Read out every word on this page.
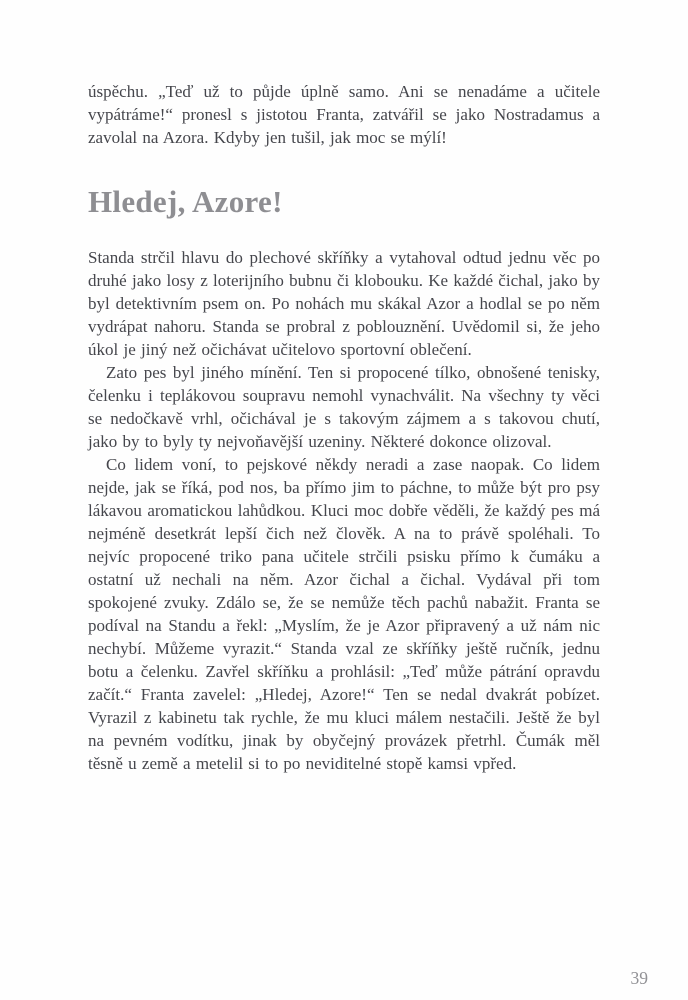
úspěchu. „Teď už to půjde úplně samo. Ani se nenadáme a učitele vypátráme!“ pronesl s jistotou Franta, zatvářil se jako Nostradamus a zavolal na Azora. Kdyby jen tušil, jak moc se mýlí!

Hledej, Azore!

Standa strčil hlavu do plechové skříňky a vytahoval odtud jednu věc po druhé jako losy z loterijního bubnu či klobouku. Ke každé čichal, jako by byl detektivním psem on. Po nohách mu skákal Azor a hodlal se po něm vydrápat nahoru. Standa se probral z poblouznění. Uvědomil si, že jeho úkol je jiný než očichávat učitelovo sportovní oblečení.

Zato pes byl jiného mínění. Ten si propocené tílko, obnošené tenisky, čelenku i teplákovou soupravu nemohl vynachválit. Na všechny ty věci se nedočkavě vrhl, očichával je s takovým zájmem a s takovou chutí, jako by to byly ty nejvoňavější uzeniny. Některé dokonce olizoval.

Co lidem voní, to pejskové někdy neradi a zase naopak. Co lidem nejde, jak se říká, pod nos, ba přímo jim to páchne, to může být pro psy lákavou aromatickou lahůdkou. Kluci moc dobře věděli, že každý pes má nejméně desetkrát lepší čich než člověk. A na to právě spoléhali. To nejvíc propocené triko pana učitele strčili psisku přímo k čumáku a ostatní už nechali na něm. Azor čichal a čichal. Vydával při tom spokojené zvuky. Zdálo se, že se nemůže těch pachů nabažit. Franta se podíval na Standu a řekl: „Myslím, že je Azor připravený a už nám nic nechybí. Můžeme vyrazit.“ Standa vzal ze skříňky ještě ručník, jednu botu a čelenku. Zavřel skříňku a prohlásil: „Teď může pátrání opravdu začít.“ Franta zavelel: „Hledej, Azore!“ Ten se nedal dvakrát pobízet. Vyrazil z kabinetu tak rychle, že mu kluci málem nestačili. Ještě že byl na pevném vodítku, jinak by obyčejný provázek přetrhl. Čumák měl těsně u země a metelil si to po neviditelné stopě kamsi vpřed.

39
